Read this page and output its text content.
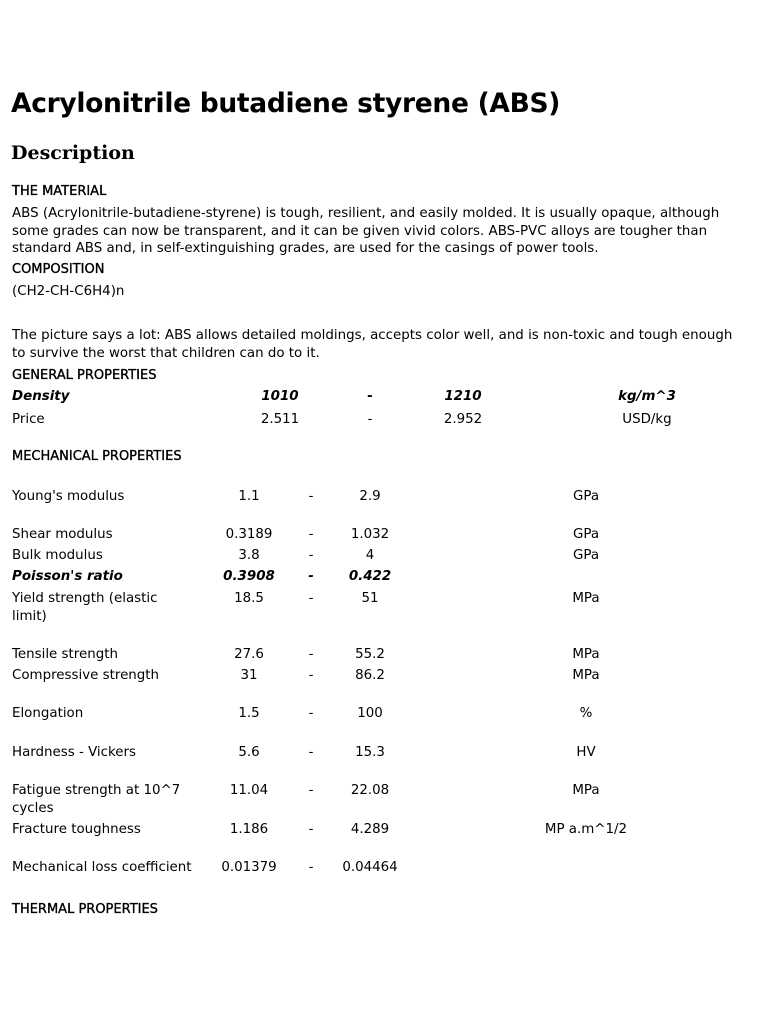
Acrylonitrile butadiene styrene (ABS)
Description
THE MATERIAL
ABS (Acrylonitrile-butadiene-styrene) is tough, resilient, and easily molded. It is usually opaque, although
some grades can now be transparent, and it can be given vivid colors. ABS-PVC alloys are tougher than
standard ABS and, in self-extinguishing grades, are used for the casings of power tools.
COMPOSITION
(CH2-CH-C6H4)n
The picture says a lot: ABS allows detailed moldings, accepts color well, and is non-toxic and tough enough
to survive the worst that children can do to it.
GENERAL PROPERTIES
Density	1010	-	1210	kg/m^3
Price	2.511	-	2.952	USD/kg
MECHANICAL PROPERTIES
Young's modulus	1.1	-	2.9	GPa
Shear modulus	0.3189	-	1.032	GPa
Bulk modulus	3.8	-	4	GPa
Poisson's ratio	0.3908 -	0.422
Yield strength (elastic limit)
18.5	-	51	MPa
Tensile strength	27.6	-	55.2	MPa
Compressive strength	31	-	86.2	MPa
Elongation	1.5	-	100	%
Hardness - Vickers	5.6	-	15.3	HV
Fatigue strength at 10^7 cycles
11.04	-	22.08	MPa
Fracture toughness	1.186	-	4.289	MP a.m^1/2
Mechanical loss coefficient	0.01379 - 0.04464
THERMAL PROPERTIES
